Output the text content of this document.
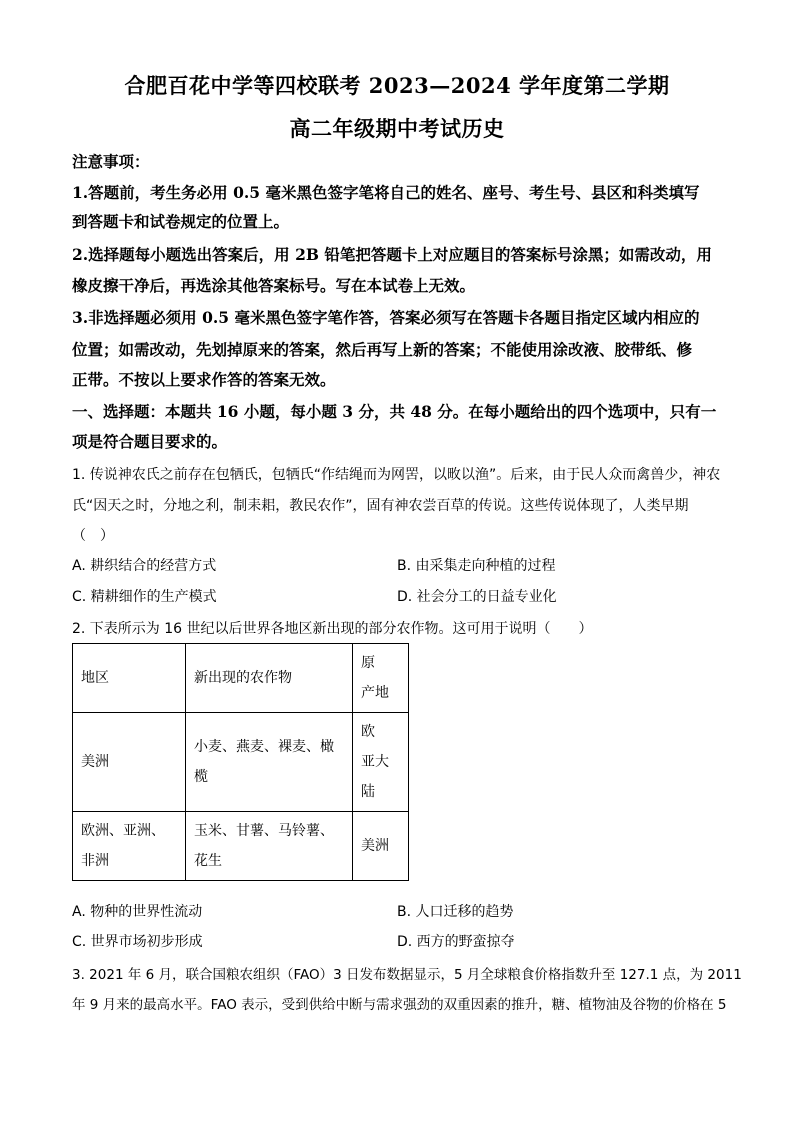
合肥百花中学等四校联考 2023—2024 学年度第二学期
高二年级期中考试历史
注意事项：
1.答题前，考生务必用 0.5 毫米黑色签字笔将自己的姓名、座号、考生号、县区和科类填写
到答题卡和试卷规定的位置上。
2.选择题每小题选出答案后，用 2B 铅笔把答题卡上对应题目的答案标号涂黑；如需改动，用
橡皮擦干净后，再选涂其他答案标号。写在本试卷上无效。
3.非选择题必须用 0.5 毫米黑色签字笔作答，答案必须写在答题卡各题目指定区域内相应的
位置；如需改动，先划掉原来的答案，然后再写上新的答案；不能使用涂改液、胶带纸、修
正带。不按以上要求作答的答案无效。
一、选择题：本题共 16 小题，每小题 3 分，共 48 分。在每小题给出的四个选项中，只有一
项是符合题目要求的。
1. 传说神农氏之前存在包牺氏，包牺氏“作结绳而为网罟，以畋以渔”。后来，由于民人众而禽兽少，神农
氏“因天之时，分地之利，制耒耜，教民农作”，固有神农尝百草的传说。这些传说体现了，人类早期
（　）
A. 耕织结合的经营方式	B. 由采集走向种植的过程
C. 精耕细作的生产模式	D. 社会分工的日益专业化
2. 下表所示为 16 世纪以后世界各地区新出现的部分农作物。这可用于说明（　　）
地区	新出现的农作物	原　产地
美洲	小麦、燕麦、裸麦、橄榄	欧　亚大陆
欧洲、亚洲、非洲	玉米、甘薯、马铃薯、花生	美洲
A. 物种的世界性流动	B. 人口迁移的趋势
C. 世界市场初步形成	D. 西方的野蛮掠夺
3. 2021 年 6 月，联合国粮农组织（FAO）3 日发布数据显示，5 月全球粮食价格指数升至 127.1 点，为 2011
年 9 月来的最高水平。FAO 表示，受到供给中断与需求强劲的双重因素的推升，糖、植物油及谷物的价格在 5
